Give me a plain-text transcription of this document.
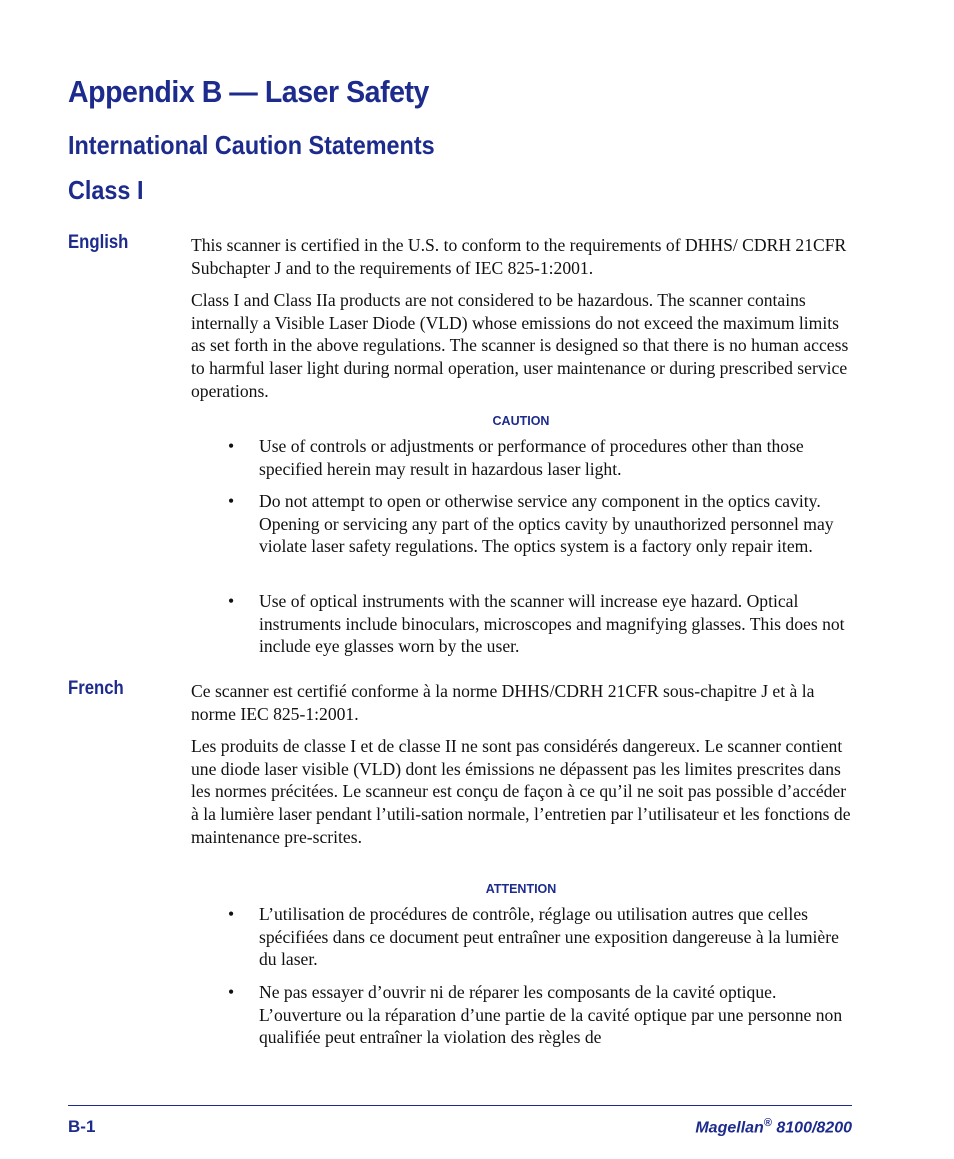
Appendix B — Laser Safety
International Caution Statements
Class I
English	This scanner is certified in the U.S. to conform to the requirements of DHHS/ CDRH 21CFR Subchapter J and to the requirements of IEC 825-1:2001.
Class I and Class IIa products are not considered to be hazardous. The scanner contains internally a Visible Laser Diode (VLD) whose emissions do not exceed the maximum limits as set forth in the above regulations. The scanner is designed so that there is no human access to harmful laser light during normal operation, user maintenance or during prescribed service operations.
CAUTION
• Use of controls or adjustments or performance of procedures other than those specified herein may result in hazardous laser light.
• Do not attempt to open or otherwise service any component in the optics cavity. Opening or servicing any part of the optics cavity by unauthorized personnel may violate laser safety regulations. The optics system is a factory only repair item.
• Use of optical instruments with the scanner will increase eye hazard. Optical instruments include binoculars, microscopes and magnifying glasses. This does not include eye glasses worn by the user.
French	Ce scanner est certifié conforme à la norme DHHS/CDRH 21CFR sous-chapitre J et à la norme IEC 825-1:2001.
Les produits de classe I et de classe II ne sont pas considérés dangereux. Le scanner contient une diode laser visible (VLD) dont les émissions ne dépassent pas les limites prescrites dans les normes précitées. Le scanneur est conçu de façon à ce qu’il ne soit pas possible d’accéder à la lumière laser pendant l’utili-sation normale, l’entretien par l’utilisateur et les fonctions de maintenance pre-scrites.
ATTENTION
• L’utilisation de procédures de contrôle, réglage ou utilisation autres que celles spécifiées dans ce document peut entraîner une exposition dangereuse à la lumière du laser.
• Ne pas essayer d’ouvrir ni de réparer les composants de la cavité optique. L’ouverture ou la réparation d’une partie de la cavité optique par une personne non qualifiée peut entraîner la violation des règles de
B-1	Magellan® 8100/8200
